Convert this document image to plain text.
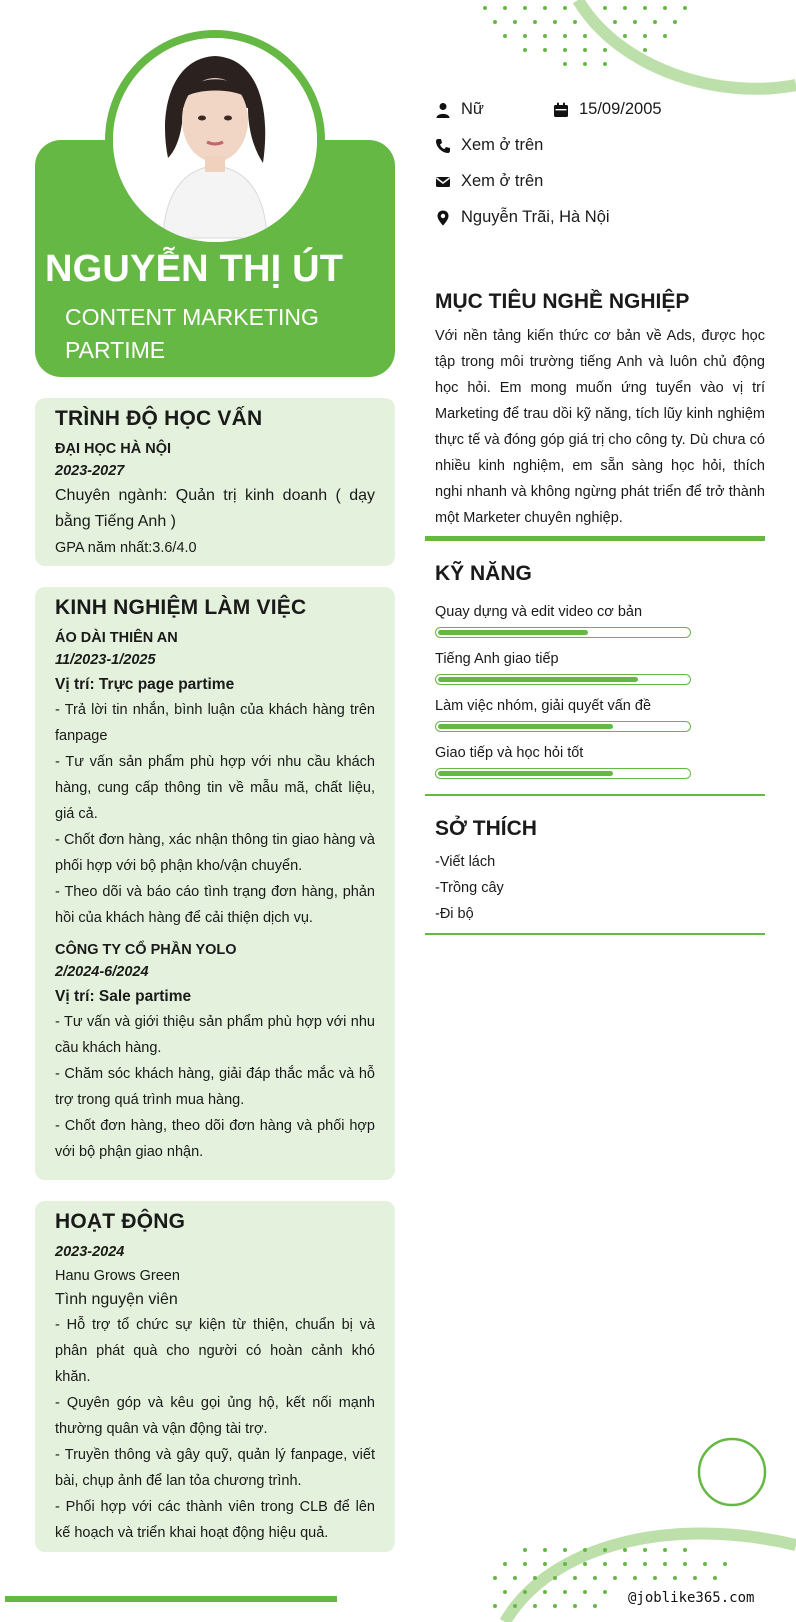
NGUYỄN THỊ ÚT
CONTENT MARKETING
PARTIME
Nữ	15/09/2005
Xem ở trên
Xem ở trên
Nguyễn Trãi, Hà Nội
MỤC TIÊU NGHỀ NGHIỆP
Với nền tảng kiến thức cơ bản về Ads, được học tập trong môi trường tiếng Anh và luôn chủ động học hỏi. Em mong muốn ứng tuyển vào vị trí Marketing để trau dồi kỹ năng, tích lũy kinh nghiệm thực tế và đóng góp giá trị cho công ty. Dù chưa có nhiều kinh nghiệm, em sẵn sàng học hỏi, thích nghi nhanh và không ngừng phát triển để trở thành một Marketer chuyên nghiệp.
KỸ NĂNG
Quay dựng và edit video cơ bản
Tiếng Anh giao tiếp
Làm việc nhóm, giải quyết vấn đề
Giao tiếp và học hỏi tốt
SỞ THÍCH
-Viết lách
-Trồng cây
-Đi bộ
TRÌNH ĐỘ HỌC VẤN
ĐẠI HỌC HÀ NỘI
2023-2027
Chuyên ngành: Quản trị kinh doanh ( dạy bằng Tiếng Anh )
GPA năm nhất:3.6/4.0
KINH NGHIỆM LÀM VIỆC
ÁO DÀI THIÊN AN
11/2023-1/2025
Vị trí: Trực page partime
- Trả lời tin nhắn, bình luận của khách hàng trên fanpage
- Tư vấn sản phẩm phù hợp với nhu cầu khách hàng, cung cấp thông tin về mẫu mã, chất liệu, giá cả.
- Chốt đơn hàng, xác nhận thông tin giao hàng và phối hợp với bộ phận kho/vận chuyển.
- Theo dõi và báo cáo tình trạng đơn hàng, phản hồi của khách hàng để cải thiện dịch vụ.
CÔNG TY CỔ PHẦN YOLO
2/2024-6/2024
Vị trí: Sale partime
- Tư vấn và giới thiệu sản phẩm phù hợp với nhu cầu khách hàng.
- Chăm sóc khách hàng, giải đáp thắc mắc và hỗ trợ trong quá trình mua hàng.
- Chốt đơn hàng, theo dõi đơn hàng và phối hợp với bộ phận giao nhận.
HOẠT ĐỘNG
2023-2024
Hanu Grows Green
Tình nguyện viên
- Hỗ trợ tổ chức sự kiện từ thiện, chuẩn bị và phân phát quà cho người có hoàn cảnh khó khăn.
- Quyên góp và kêu gọi ủng hộ, kết nối mạnh thường quân và vận động tài trợ.
- Truyền thông và gây quỹ, quản lý fanpage, viết bài, chụp ảnh để lan tỏa chương trình.
- Phối hợp với các thành viên trong CLB để lên kế hoạch và triển khai hoạt động hiệu quả.
@joblike365.com
